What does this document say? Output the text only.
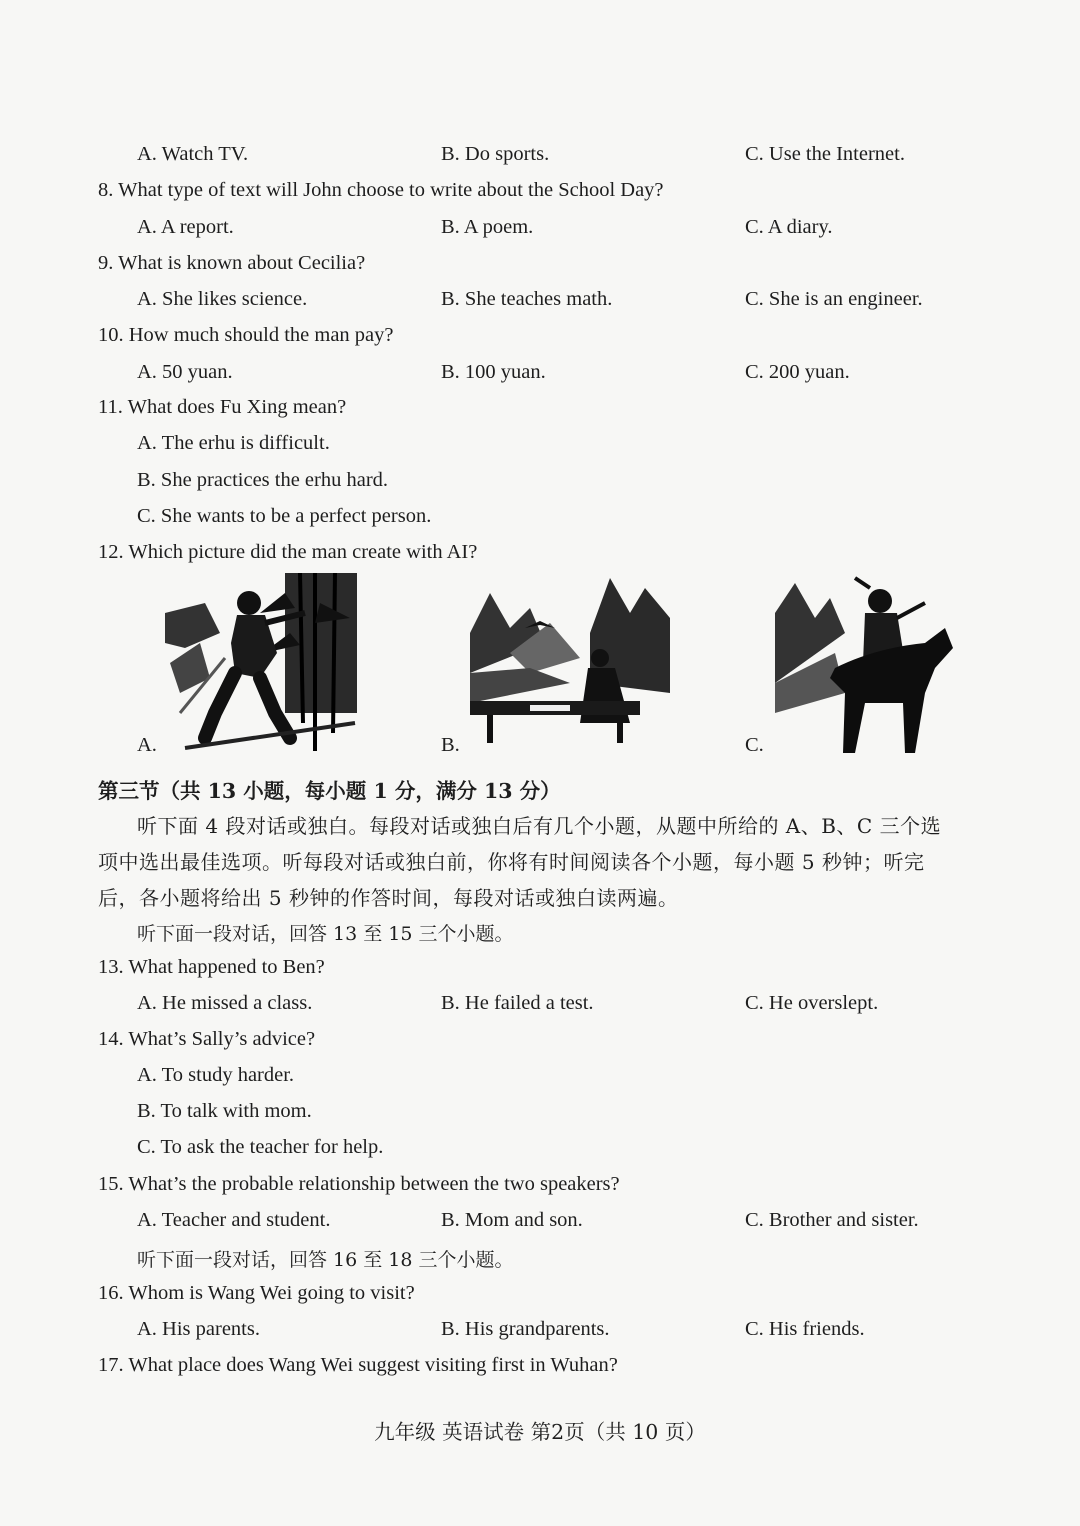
A. Watch TV.	B. Do sports.	C. Use the Internet.
8. What type of text will John choose to write about the School Day?
A. A report.	B. A poem.	C. A diary.
9. What is known about Cecilia?
A. She likes science.	B. She teaches math.	C. She is an engineer.
10. How much should the man pay?
A. 50 yuan.	B. 100 yuan.	C. 200 yuan.
11. What does Fu Xing mean?
A. The erhu is difficult.
B. She practices the erhu hard.
C. She wants to be a perfect person.
12. Which picture did the man create with AI?
A.	B.	C.
第三节（共 13 小题，每小题 1 分，满分 13 分）
听下面 4 段对话或独白。每段对话或独白后有几个小题，从题中所给的 A、B、C 三个选
项中选出最佳选项。听每段对话或独白前，你将有时间阅读各个小题，每小题 5 秒钟；听完
后，各小题将给出 5 秒钟的作答时间，每段对话或独白读两遍。
听下面一段对话，回答 13 至 15 三个小题。
13. What happened to Ben?
A. He missed a class.	B. He failed a test.	C. He overslept.
14. What’s Sally’s advice?
A. To study harder.
B. To talk with mom.
C. To ask the teacher for help.
15. What’s the probable relationship between the two speakers?
A. Teacher and student.	B. Mom and son.	C. Brother and sister.
听下面一段对话，回答 16 至 18 三个小题。
16. Whom is Wang Wei going to visit?
A. His parents.	B. His grandparents.	C. His friends.
17. What place does Wang Wei suggest visiting first in Wuhan?
九年级 英语试卷 第2页（共 10 页）
